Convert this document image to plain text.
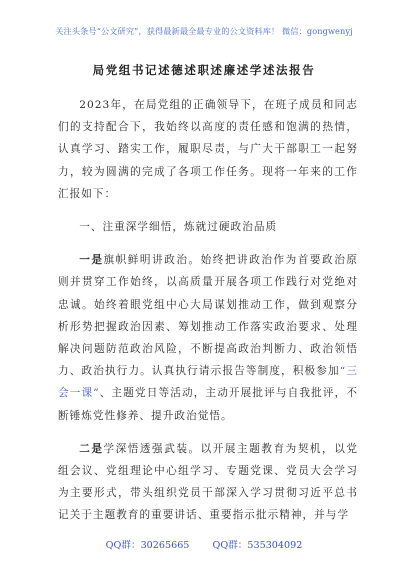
关注头条号“公文研究”，获得最新最全最专业的公文资料库！ 微信：gongwenyj
局党组书记述德述职述廉述学述法报告

2023年，在局党组的正确领导下，在班子成员和同志们的支持配合下，我始终以高度的责任感和饱满的热情，认真学习、踏实工作，履职尽责，与广大干部职工一起努力，较为圆满的完成了各项工作任务。现将一年来的工作汇报如下：

一、注重深学细悟，炼就过硬政治品质

一是旗帜鲜明讲政治。始终把讲政治作为首要政治原则并贯穿工作始终，以高质量开展各项工作践行对党绝对忠诚。始终着眼党组中心大局谋划推动工作，做到观察分析形势把握政治因素、筹划推动工作落实政治要求、处理解决问题防范政治风险，不断提高政治判断力、政治领悟力、政治执行力。认真执行请示报告等制度，积极参加“三会一课”、主题党日等活动，主动开展批评与自我批评，不断锤炼党性修养、提升政治觉悟。

二是学深悟透强武装。以开展主题教育为契机，以党组会议、党组理论中心组学习、专题党课、党员大会学习为主要形式，带头组织党员干部深入学习贯彻习近平总书记关于主题教育的重要讲话、重要指示批示精神，并与学

QQ群：30265665 QQ群：535304092
